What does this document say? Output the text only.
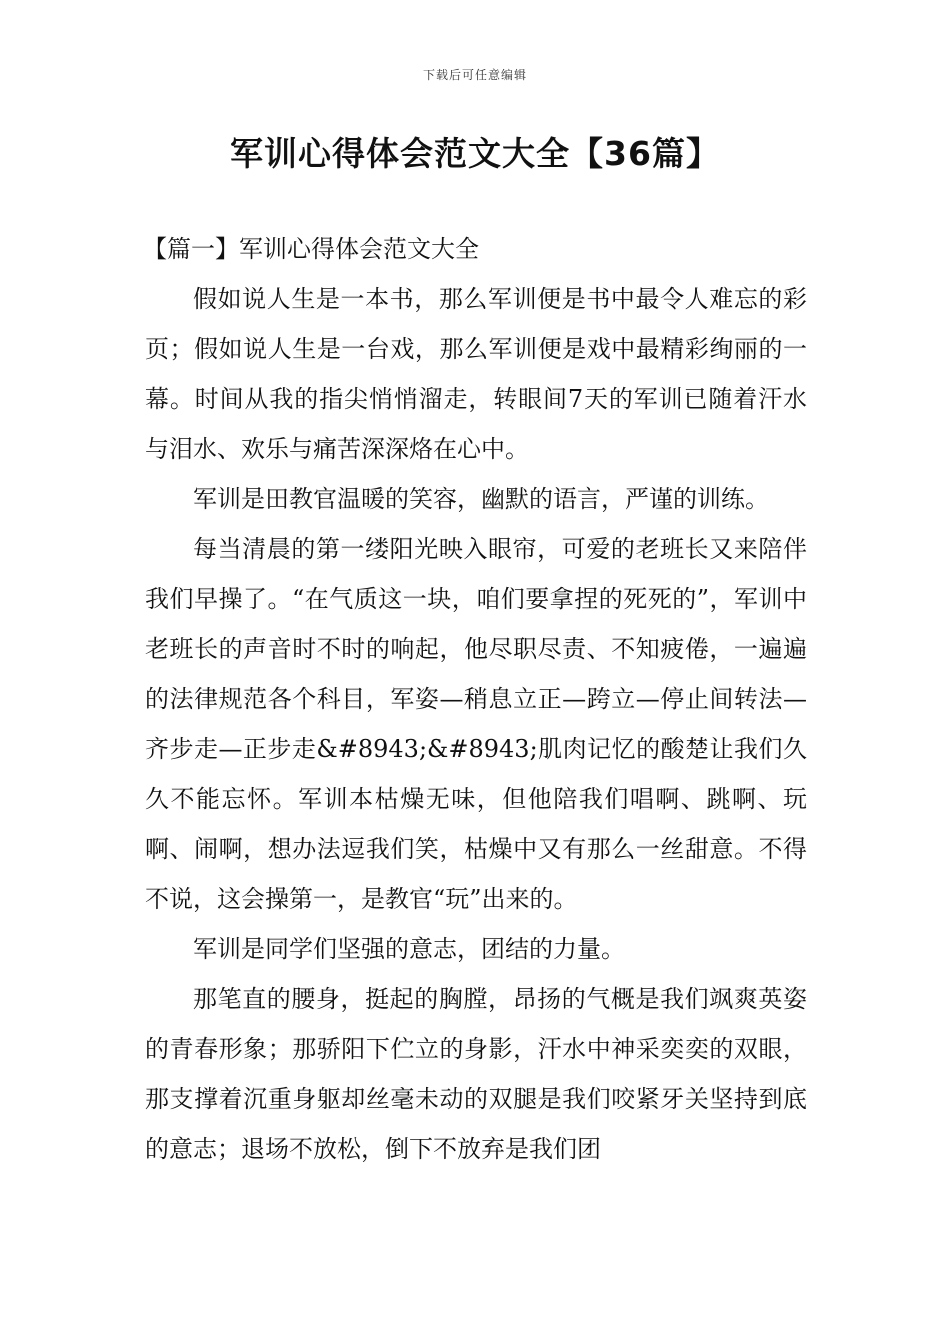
下载后可任意编辑
军训心得体会范文大全【36篇】
【篇一】军训心得体会范文大全

假如说人生是一本书，那么军训便是书中最令人难忘的彩页；假如说人生是一台戏，那么军训便是戏中最精彩绚丽的一幕。时间从我的指尖悄悄溜走，转眼间7天的军训已随着汗水与泪水、欢乐与痛苦深深烙在心中。

军训是田教官温暖的笑容，幽默的语言，严谨的训练。

每当清晨的第一缕阳光映入眼帘，可爱的老班长又来陪伴我们早操了。“在气质这一块，咱们要拿捏的死死的”，军训中老班长的声音时不时的响起，他尽职尽责、不知疲倦，一遍遍的法律规范各个科目，军姿—稍息立正—跨立—停止间转法—齐步走—正步走&#8943;&#8943;肌肉记忆的酸楚让我们久久不能忘怀。军训本枯燥无味，但他陪我们唱啊、跳啊、玩啊、闹啊，想办法逗我们笑，枯燥中又有那么一丝甜意。不得不说，这会操第一，是教官“玩”出来的。

军训是同学们坚强的意志，团结的力量。

那笔直的腰身，挺起的胸膛，昂扬的气概是我们飒爽英姿的青春形象；那骄阳下伫立的身影，汗水中神采奕奕的双眼，那支撑着沉重身躯却丝毫未动的双腿是我们咬紧牙关坚持到底的意志；退场不放松，倒下不放弃是我们团
